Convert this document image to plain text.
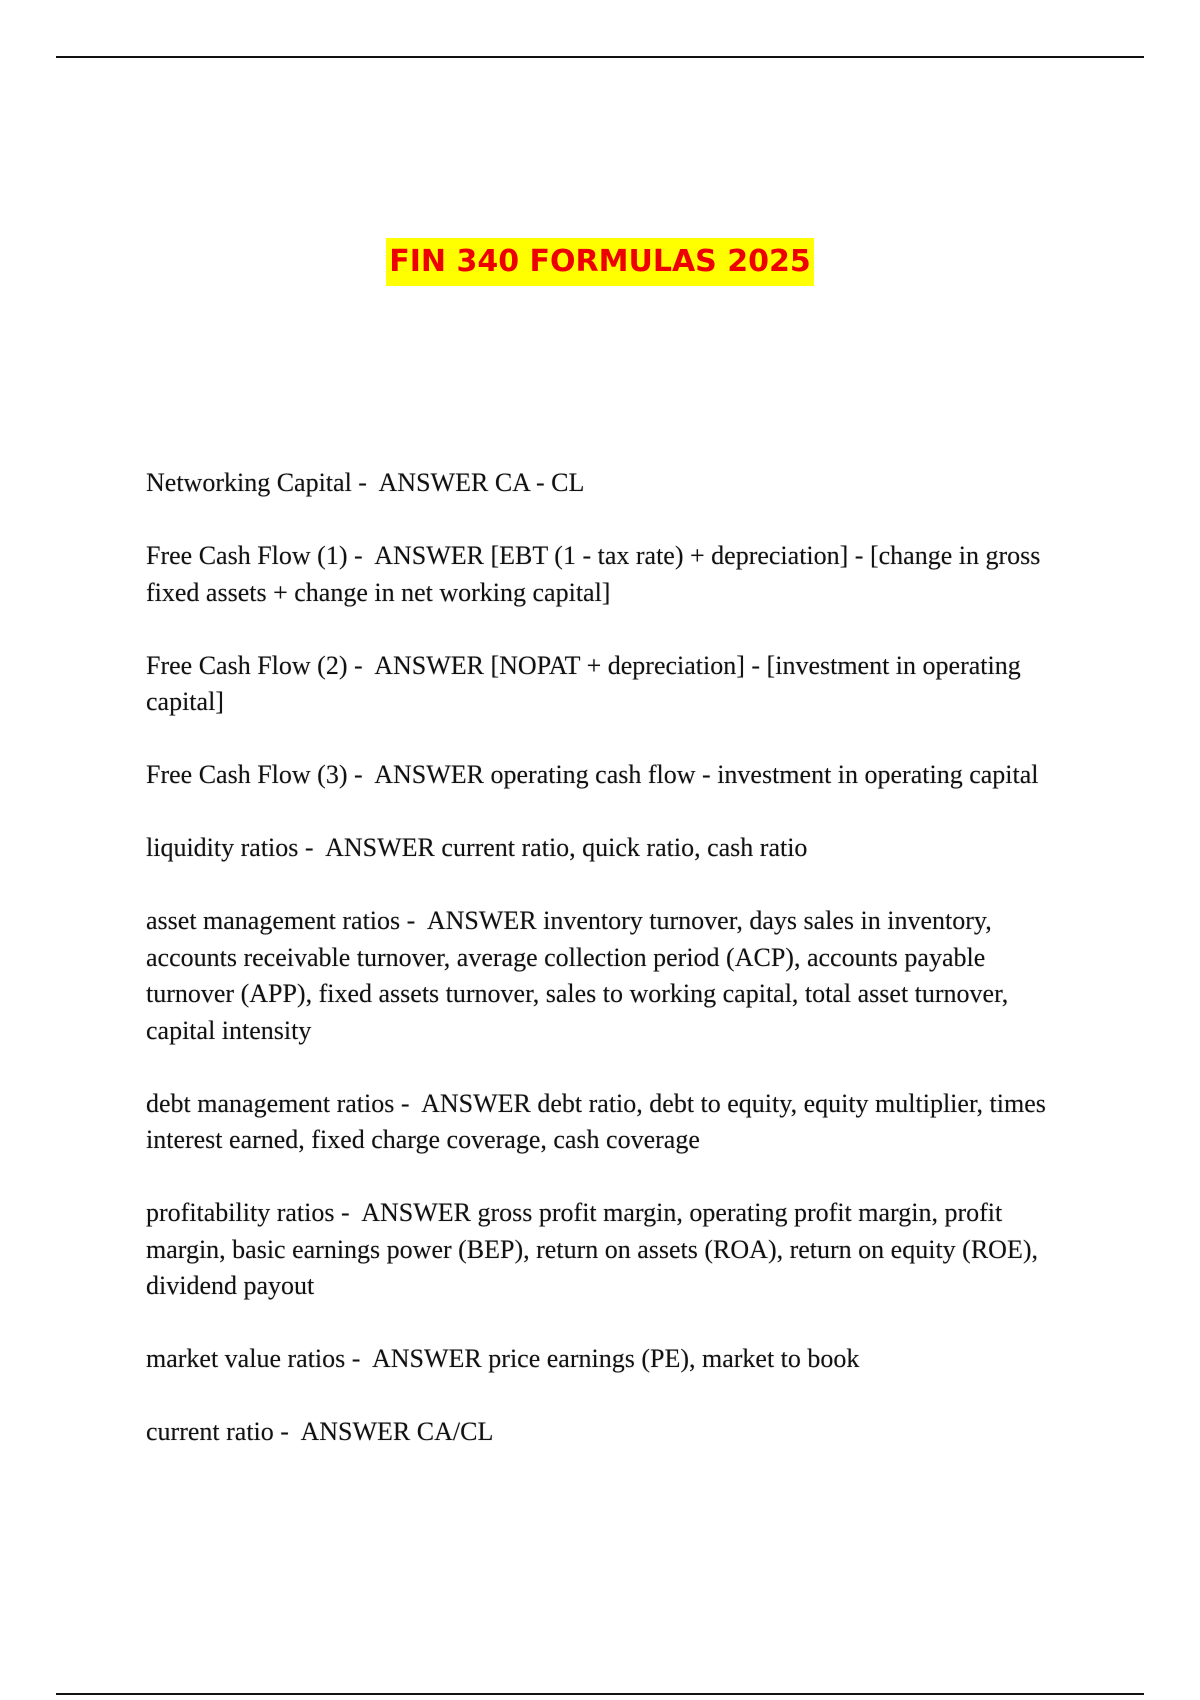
FIN 340 FORMULAS 2025

Networking Capital - ANSWER CA - CL

Free Cash Flow (1) - ANSWER [EBT (1 - tax rate) + depreciation] - [change in gross fixed assets + change in net working capital]

Free Cash Flow (2) - ANSWER [NOPAT + depreciation] - [investment in operating capital]

Free Cash Flow (3) - ANSWER operating cash flow - investment in operating capital

liquidity ratios - ANSWER current ratio, quick ratio, cash ratio

asset management ratios - ANSWER inventory turnover, days sales in inventory, accounts receivable turnover, average collection period (ACP), accounts payable turnover (APP), fixed assets turnover, sales to working capital, total asset turnover, capital intensity

debt management ratios - ANSWER debt ratio, debt to equity, equity multiplier, times interest earned, fixed charge coverage, cash coverage

profitability ratios - ANSWER gross profit margin, operating profit margin, profit margin, basic earnings power (BEP), return on assets (ROA), return on equity (ROE), dividend payout

market value ratios - ANSWER price earnings (PE), market to book

current ratio - ANSWER CA/CL
